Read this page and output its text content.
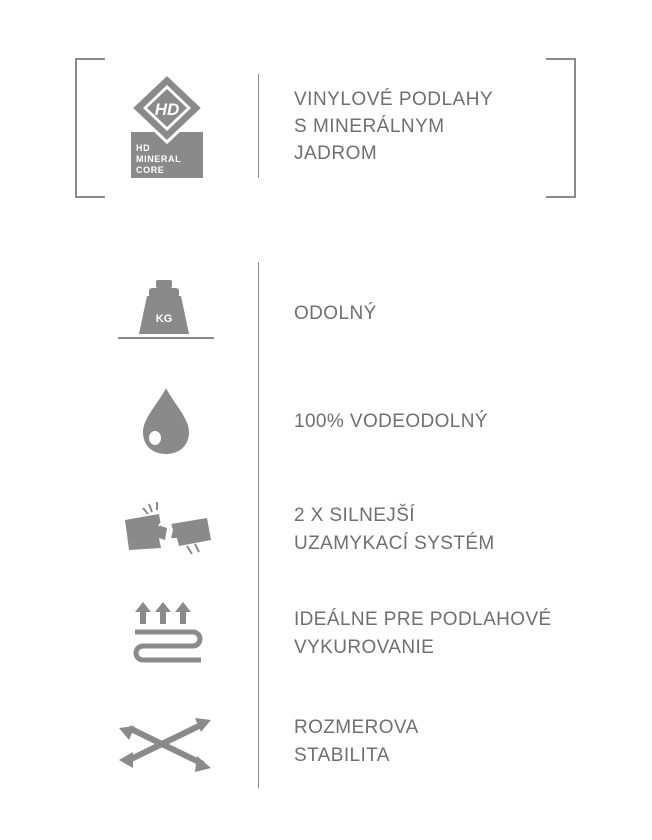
HD
HD
MINERAL
CORE
VINYLOVÉ PODLAHY
S MINERÁLNYM
JADROM
KG	ODOLNÝ
100% VODEODOLNÝ
2 X SILNEJŠÍ
UZAMYKACÍ SYSTÉM
IDEÁLNE PRE PODLAHOVÉ
VYKUROVANIE
ROZMEROVA
STABILITA
